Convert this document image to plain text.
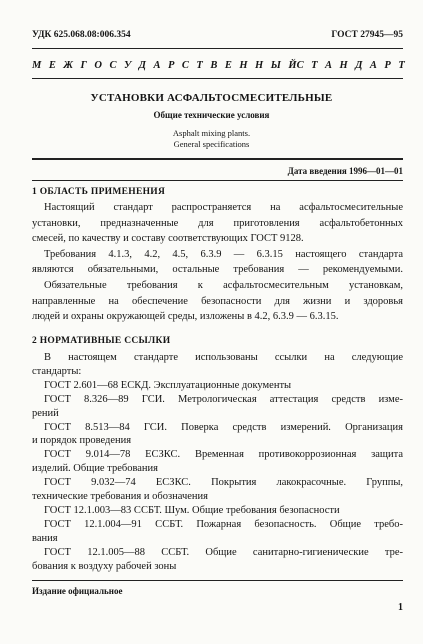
УДК 625.068.08:006.354	ГОСТ 27945—95
М Е Ж Г О С У Д А Р С Т В Е Н Н Ы Й С Т А Н Д А Р Т
УСТАНОВКИ АСФАЛЬТОСМЕСИТЕЛЬНЫЕ
Общие технические условия
Asphalt mixing plants.
General specifications
Дата введения 1996—01—01
1 ОБЛАСТЬ ПРИМЕНЕНИЯ
Настоящий стандарт распространяется на асфальтосмесительные
установки, предназначенные для приготовления асфальтобетонных
смесей, по качеству и составу соответствующих ГОСТ 9128.
Требования 4.1.3, 4.2, 4.5, 6.3.9 — 6.3.15 настоящего стандарта
являются обязательными, остальные требования — рекомендуемыми.
Обязательные требования к асфальтосмесительным установкам,
направленные на обеспечение безопасности для жизни и здоровья
людей и охраны окружающей среды, изложены в 4.2, 6.3.9 — 6.3.15.
2 НОРМАТИВНЫЕ ССЫЛКИ
В настоящем стандарте использованы ссылки на следующие
стандарты:
ГОСТ 2.601—68 ЕСКД. Эксплуатационные документы
ГОСТ 8.326—89 ГСИ. Метрологическая аттестация средств изме-
рений
ГОСТ 8.513—84 ГСИ. Поверка средств измерений. Организация
и порядок проведения
ГОСТ 9.014—78 ЕСЗКС. Временная противокоррозионная защита
изделий. Общие требования
ГОСТ 9.032—74 ЕСЗКС. Покрытия лакокрасочные. Группы,
технические требования и обозначения
ГОСТ 12.1.003—83 ССБТ. Шум. Общие требования безопасности
ГОСТ 12.1.004—91 ССБТ. Пожарная безопасность. Общие требо-
вания
ГОСТ 12.1.005—88 ССБТ. Общие санитарно-гигиенические тре-
бования к воздуху рабочей зоны
Издание официальное
1
